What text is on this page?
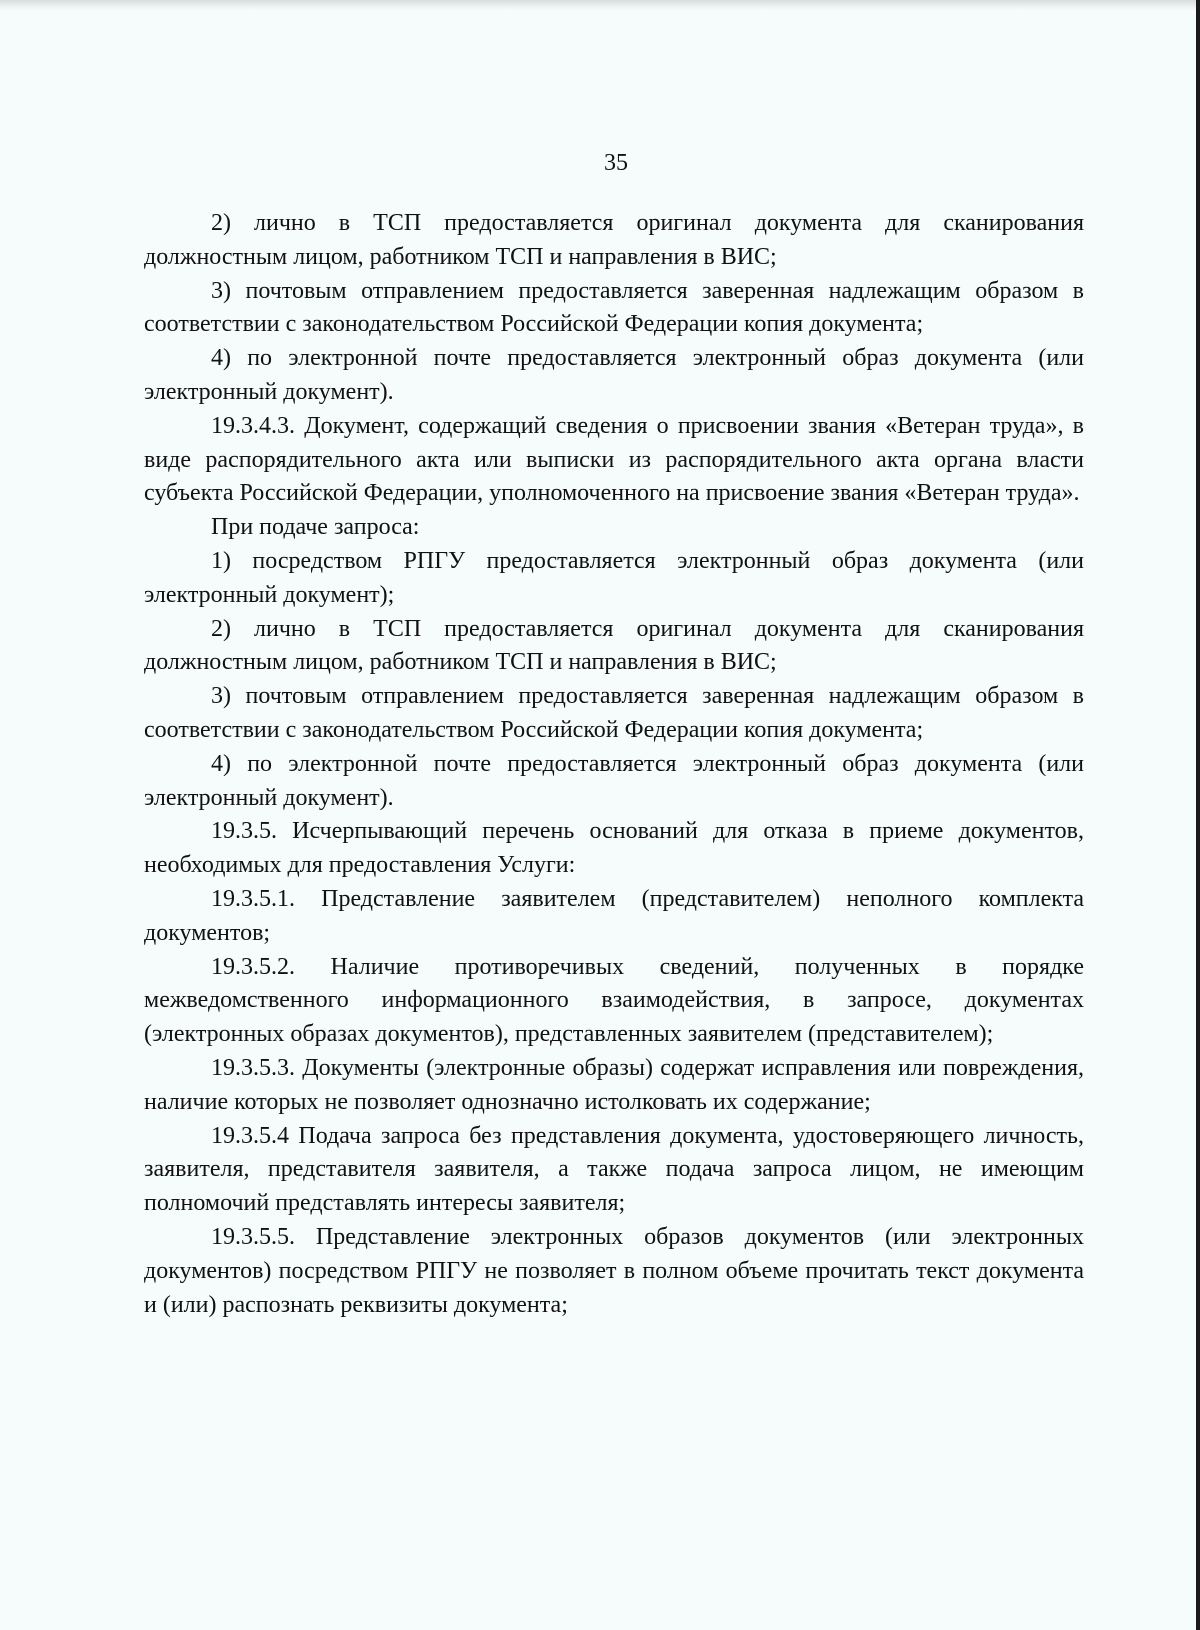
35

2) лично в ТСП предоставляется оригинал документа для сканирования должностным лицом, работником ТСП и направления в ВИС;

3) почтовым отправлением предоставляется заверенная надлежащим образом в соответствии с законодательством Российской Федерации копия документа;

4) по электронной почте предоставляется электронный образ документа (или электронный документ).

19.3.4.3. Документ, содержащий сведения о присвоении звания «Ветеран труда», в виде распорядительного акта или выписки из распорядительного акта органа власти субъекта Российской Федерации, уполномоченного на присвоение звания «Ветеран труда».

При подаче запроса:

1) посредством РПГУ предоставляется электронный образ документа (или электронный документ);

2) лично в ТСП предоставляется оригинал документа для сканирования должностным лицом, работником ТСП и направления в ВИС;

3) почтовым отправлением предоставляется заверенная надлежащим образом в соответствии с законодательством Российской Федерации копия документа;

4) по электронной почте предоставляется электронный образ документа (или электронный документ).

19.3.5. Исчерпывающий перечень оснований для отказа в приеме документов, необходимых для предоставления Услуги:

19.3.5.1. Представление заявителем (представителем) неполного комплекта документов;

19.3.5.2. Наличие противоречивых сведений, полученных в порядке межведомственного информационного взаимодействия, в запросе, документах (электронных образах документов), представленных заявителем (представителем);

19.3.5.3. Документы (электронные образы) содержат исправления или повреждения, наличие которых не позволяет однозначно истолковать их содержание;

19.3.5.4 Подача запроса без представления документа, удостоверяющего личность, заявителя, представителя заявителя, а также подача запроса лицом, не имеющим полномочий представлять интересы заявителя;

19.3.5.5. Представление электронных образов документов (или электронных документов) посредством РПГУ не позволяет в полном объеме прочитать текст документа и (или) распознать реквизиты документа;
